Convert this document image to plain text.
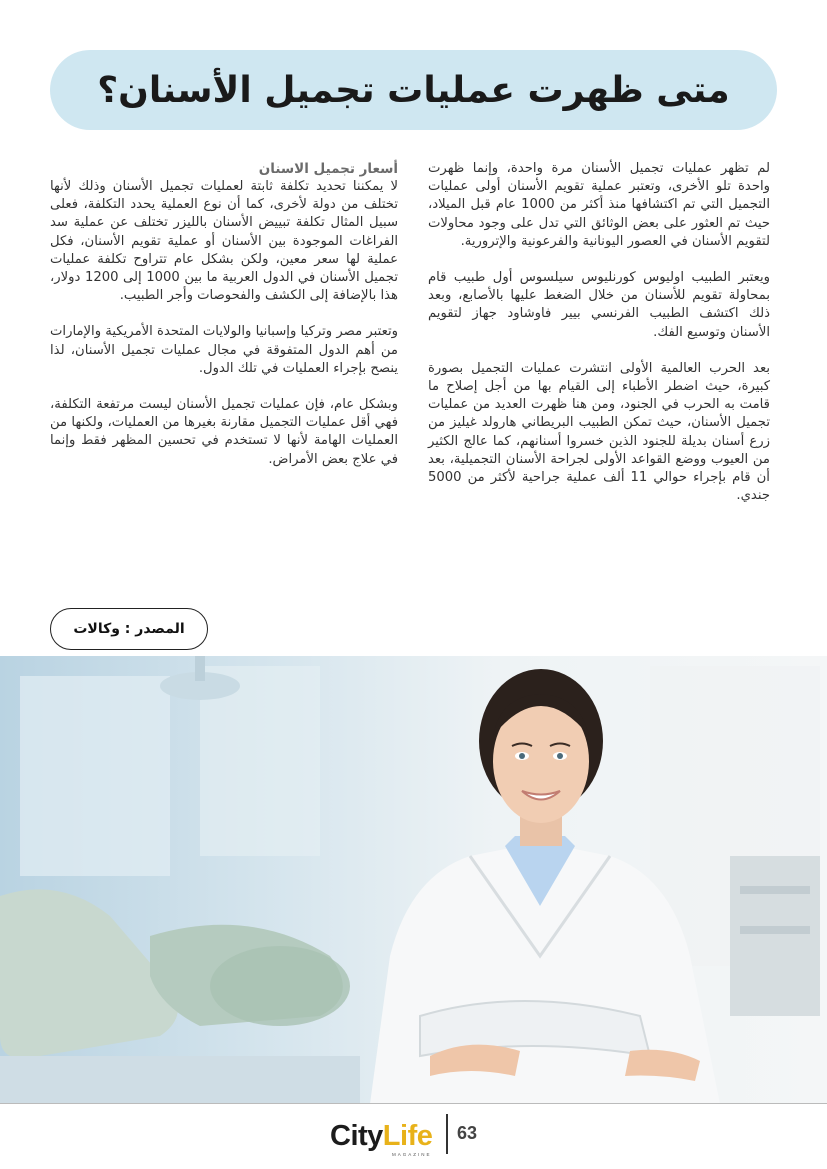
متى ظهرت عمليات تجميل الأسنان؟

لم تظهر عمليات تجميل الأسنان مرة واحدة، وإنما ظهرت واحدة تلو الأخرى، وتعتبر عملية تقويم الأسنان أولى عمليات التجميل التي تم اكتشافها منذ أكثر من 1000 عام قبل الميلاد، حيث تم العثور على بعض الوثائق التي تدل على وجود محاولات لتقويم الأسنان في العصور اليونانية والفرعونية والإترورية.

ويعتبر الطبيب اوليوس كورنليوس سيلسوس أول طبيب قام بمحاولة تقويم للأسنان من خلال الضغط عليها بالأصابع، وبعد ذلك اكتشف الطبيب الفرنسي بيير فاوشاود جهاز لتقويم الأسنان وتوسيع الفك.

بعد الحرب العالمية الأولى انتشرت عمليات التجميل بصورة كبيرة، حيث اضطر الأطباء إلى القيام بها من أجل إصلاح ما قامت به الحرب في الجنود، ومن هنا ظهرت العديد من عمليات تجميل الأسنان، حيث تمكن الطبيب البريطاني هارولد غيليز من زرع أسنان بديلة للجنود الذين خسروا أسنانهم، كما عالج الكثير من العيوب ووضع القواعد الأولى لجراحة الأسنان التجميلية، بعد أن قام بإجراء حوالي 11 ألف عملية جراحية لأكثر من 5000 جندي.

أسعار تجميل الاسنان

لا يمكننا تحديد تكلفة ثابتة لعمليات تجميل الأسنان وذلك لأنها تختلف من دولة لأخرى، كما أن نوع العملية يحدد التكلفة، فعلى سبيل المثال تكلفة تبييض الأسنان بالليزر تختلف عن عملية سد الفراغات الموجودة بين الأسنان أو عملية تقويم الأسنان، فكل عملية لها سعر معين، ولكن بشكل عام تتراوح تكلفة عمليات تجميل الأسنان في الدول العربية ما بين 1000 إلى 1200 دولار، هذا بالإضافة إلى الكشف والفحوصات وأجر الطبيب.

وتعتبر مصر وتركيا وإسبانيا والولايات المتحدة الأمريكية والإمارات من أهم الدول المتفوقة في مجال عمليات تجميل الأسنان، لذا ينصح بإجراء العمليات في تلك الدول.

وبشكل عام، فإن عمليات تجميل الأسنان ليست مرتفعة التكلفة، فهي أقل عمليات التجميل مقارنة بغيرها من العمليات، ولكنها من العمليات الهامة لأنها لا تستخدم في تحسين المظهر فقط وإنما في علاج بعض الأمراض.

المصدر : وكالات
CityLife
MAGAZINE
63
